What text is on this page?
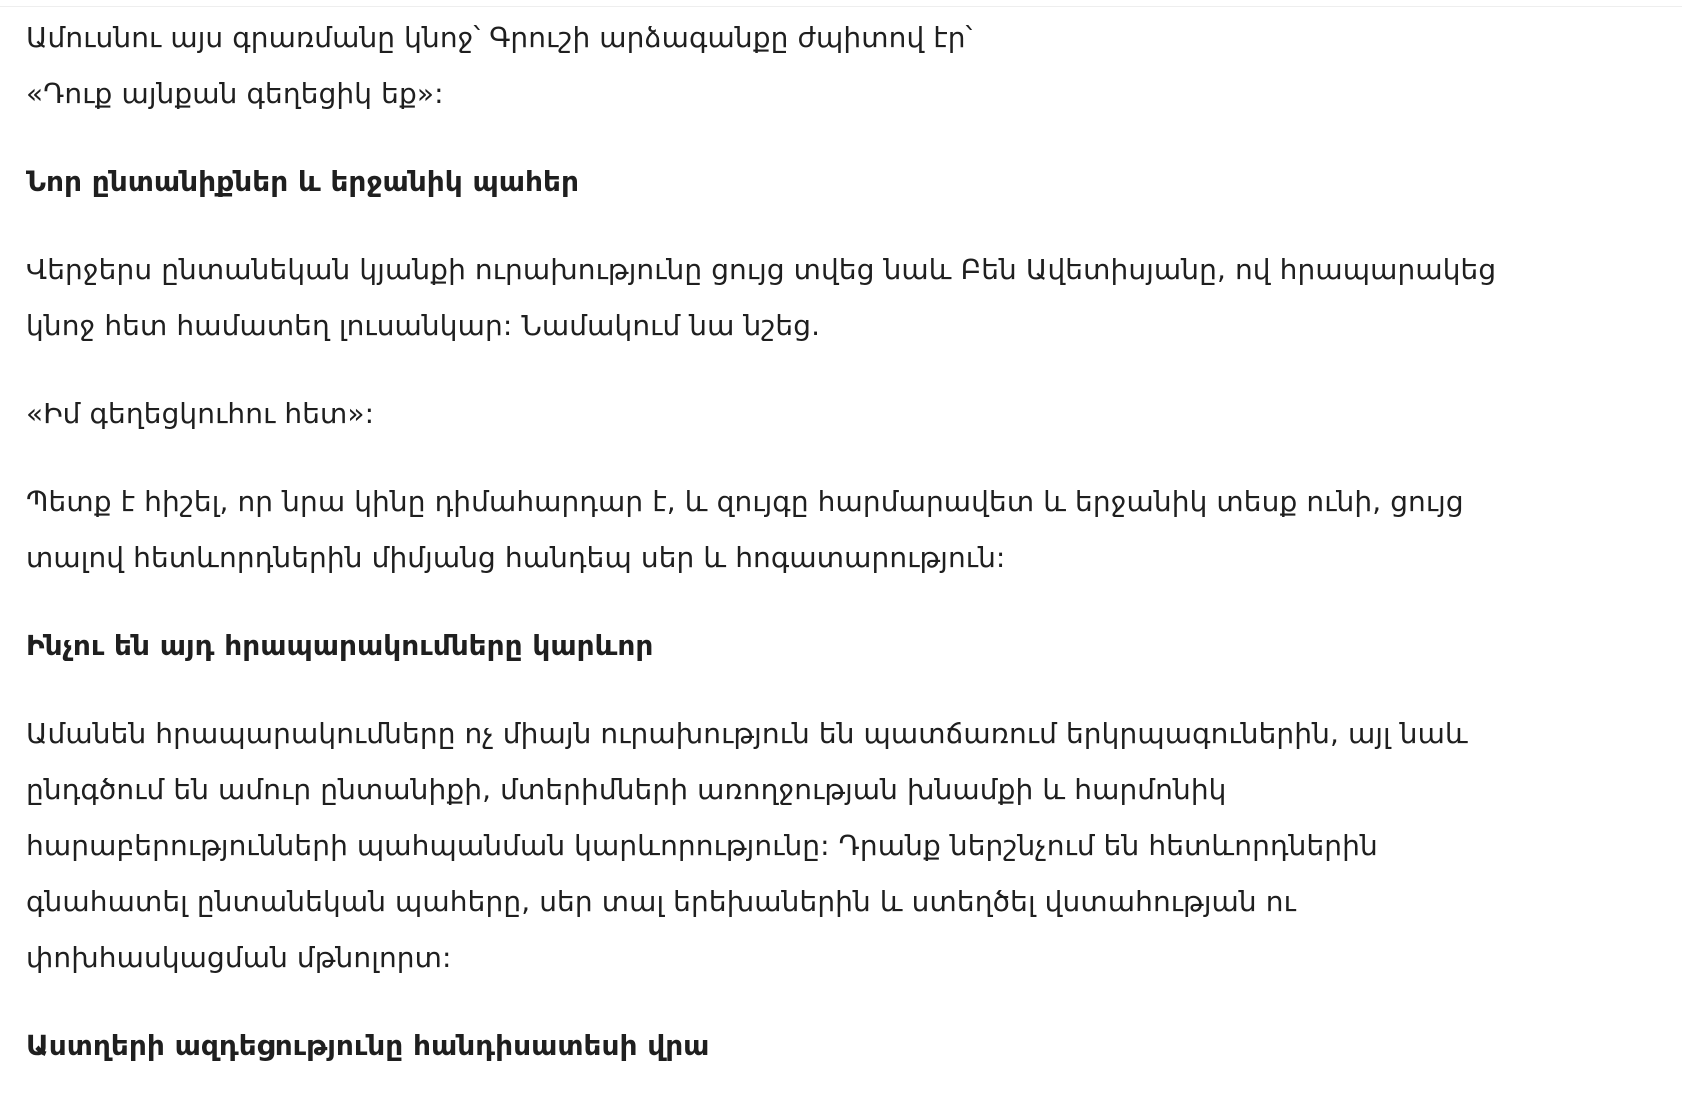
Ամուսնու այս գրառմանը կնոջ՝ Գրուշի արձագանքը ժպիտով էր՝

«Դուք այնքան գեղեցիկ եք»:

Նոր ընտանիքներ և երջանիկ պահեր

Վերջերս ընտանեկան կյանքի ուրախությունը ցույց տվեց նաև Բեն Ավետիսյանը, ով հրապարակեց

կնոջ հետ համատեղ լուսանկար: Նամակում նա նշեց.

«Իմ գեղեցկուհու հետ»:

Պետք է հիշել, որ նրա կինը դիմահարդար է, և զույգը հարմարավետ և երջանիկ տեսք ունի, ցույց

տալով հետևորդներին միմյանց հանդեպ սեր և հոգատարություն:

Ինչու են այդ հրապարակումները կարևոր

Ամանեն հրապարակումները ոչ միայն ուրախություն են պատճառում երկրպագուներին, այլ նաև

ընդգծում են ամուր ընտանիքի, մտերիմների առողջության խնամքի և հարմոնիկ

հարաբերությունների պահպանման կարևորությունը: Դրանք ներշնչում են հետևորդներին

գնահատել ընտանեկան պահերը, սեր տալ երեխաներին և ստեղծել վստահության ու

փոխհասկացման մթնոլորտ:

Աստղերի ազդեցությունը հանդիսատեսի վրա
